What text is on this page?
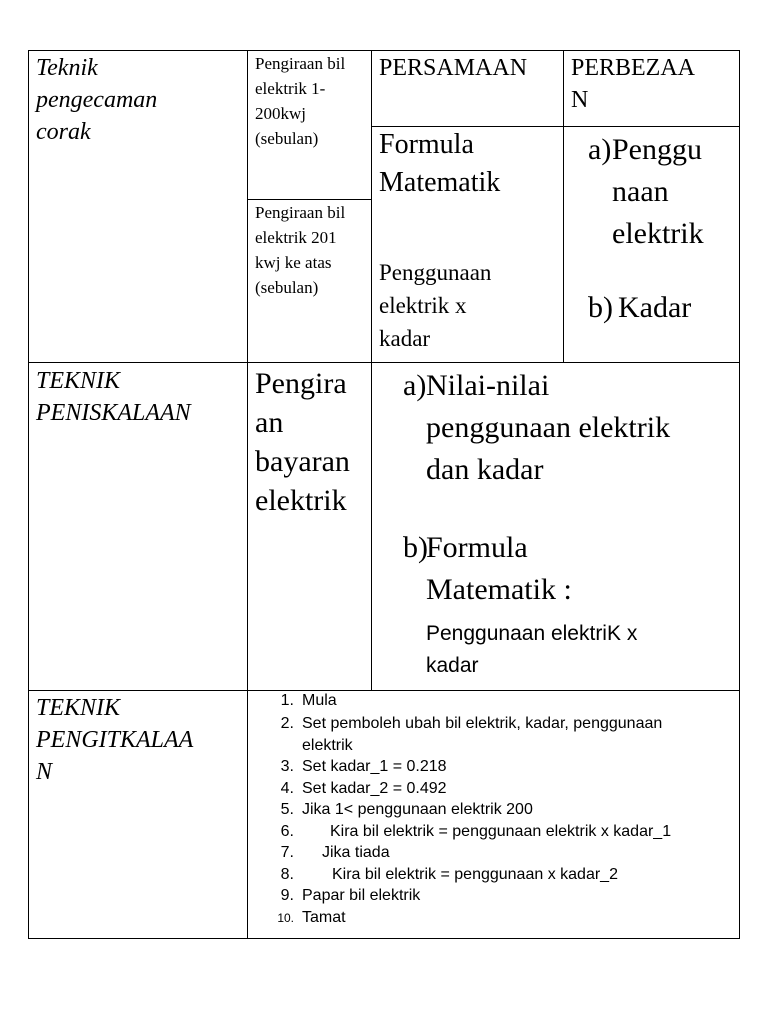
Teknik
pengecaman
corak
Pengiraan bil
elektrik 1-
200kwj
(sebulan)
Pengiraan bil
elektrik 201
kwj ke atas
(sebulan)
PERSAMAAN PERBEZAA
N
Formula
Matematik
Penggunaan
elektrik x
kadar
a) Penggu
naan
elektrik
b) Kadar
TEKNIK
PENISKALAAN
Pengira
an
bayaran
elektrik
a) Nilai-nilai
penggunaan elektrik
dan kadar
b)
Formula
Matematik :
Penggunaan elektriK x
kadar
TEKNIK
PENGITKALAA
N
1. Mula
2. Set pemboleh ubah bil elektrik, kadar, penggunaan
elektrik
3. Set kadar_1 = 0.218
4. Set kadar_2 = 0.492
5. Jika 1< penggunaan elektrik 200
6. Kira bil elektrik = penggunaan elektrik x kadar_1
7. Jika tiada
8. Kira bil elektrik = penggunaan x kadar_2
9. Papar bil elektrik
10. Tamat
